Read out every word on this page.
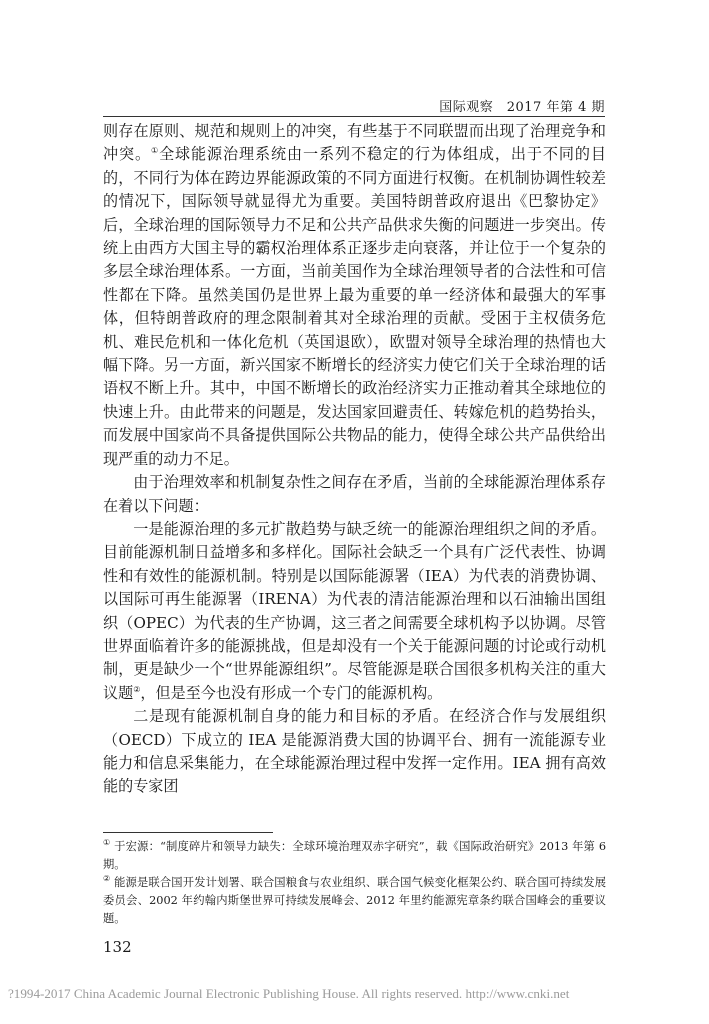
国际观察　2017 年第 4 期

则存在原则、规范和规则上的冲突，有些基于不同联盟而出现了治理竞争和冲突。①全球能源治理系统由一系列不稳定的行为体组成，出于不同的目的，不同行为体在跨边界能源政策的不同方面进行权衡。在机制协调性较差的情况下，国际领导就显得尤为重要。美国特朗普政府退出《巴黎协定》后，全球治理的国际领导力不足和公共产品供求失衡的问题进一步突出。传统上由西方大国主导的霸权治理体系正逐步走向衰落，并让位于一个复杂的多层全球治理体系。一方面，当前美国作为全球治理领导者的合法性和可信性都在下降。虽然美国仍是世界上最为重要的单一经济体和最强大的军事体，但特朗普政府的理念限制着其对全球治理的贡献。受困于主权债务危机、难民危机和一体化危机（英国退欧），欧盟对领导全球治理的热情也大幅下降。另一方面，新兴国家不断增长的经济实力使它们关于全球治理的话语权不断上升。其中，中国不断增长的政治经济实力正推动着其全球地位的快速上升。由此带来的问题是，发达国家回避责任、转嫁危机的趋势抬头，而发展中国家尚不具备提供国际公共物品的能力，使得全球公共产品供给出现严重的动力不足。

由于治理效率和机制复杂性之间存在矛盾，当前的全球能源治理体系存在着以下问题：

一是能源治理的多元扩散趋势与缺乏统一的能源治理组织之间的矛盾。目前能源机制日益增多和多样化。国际社会缺乏一个具有广泛代表性、协调性和有效性的能源机制。特别是以国际能源署（IEA）为代表的消费协调、以国际可再生能源署（IRENA）为代表的清洁能源治理和以石油输出国组织（OPEC）为代表的生产协调，这三者之间需要全球机构予以协调。尽管世界面临着许多的能源挑战，但是却没有一个关于能源问题的讨论或行动机制，更是缺少一个“世界能源组织”。尽管能源是联合国很多机构关注的重大议题②，但是至今也没有形成一个专门的能源机构。

二是现有能源机制自身的能力和目标的矛盾。在经济合作与发展组织（OECD）下成立的 IEA 是能源消费大国的协调平台、拥有一流能源专业能力和信息采集能力，在全球能源治理过程中发挥一定作用。IEA 拥有高效能的专家团

① 于宏源：“制度碎片和领导力缺失：全球环境治理双赤字研究”，载《国际政治研究》2013 年第 6 期。

② 能源是联合国开发计划署、联合国粮食与农业组织、联合国气候变化框架公约、联合国可持续发展委员会、2002 年约翰内斯堡世界可持续发展峰会、2012 年里约能源宪章条约联合国峰会的重要议题。

132
?1994-2017 China Academic Journal Electronic Publishing House. All rights reserved. http://www.cnki.net
